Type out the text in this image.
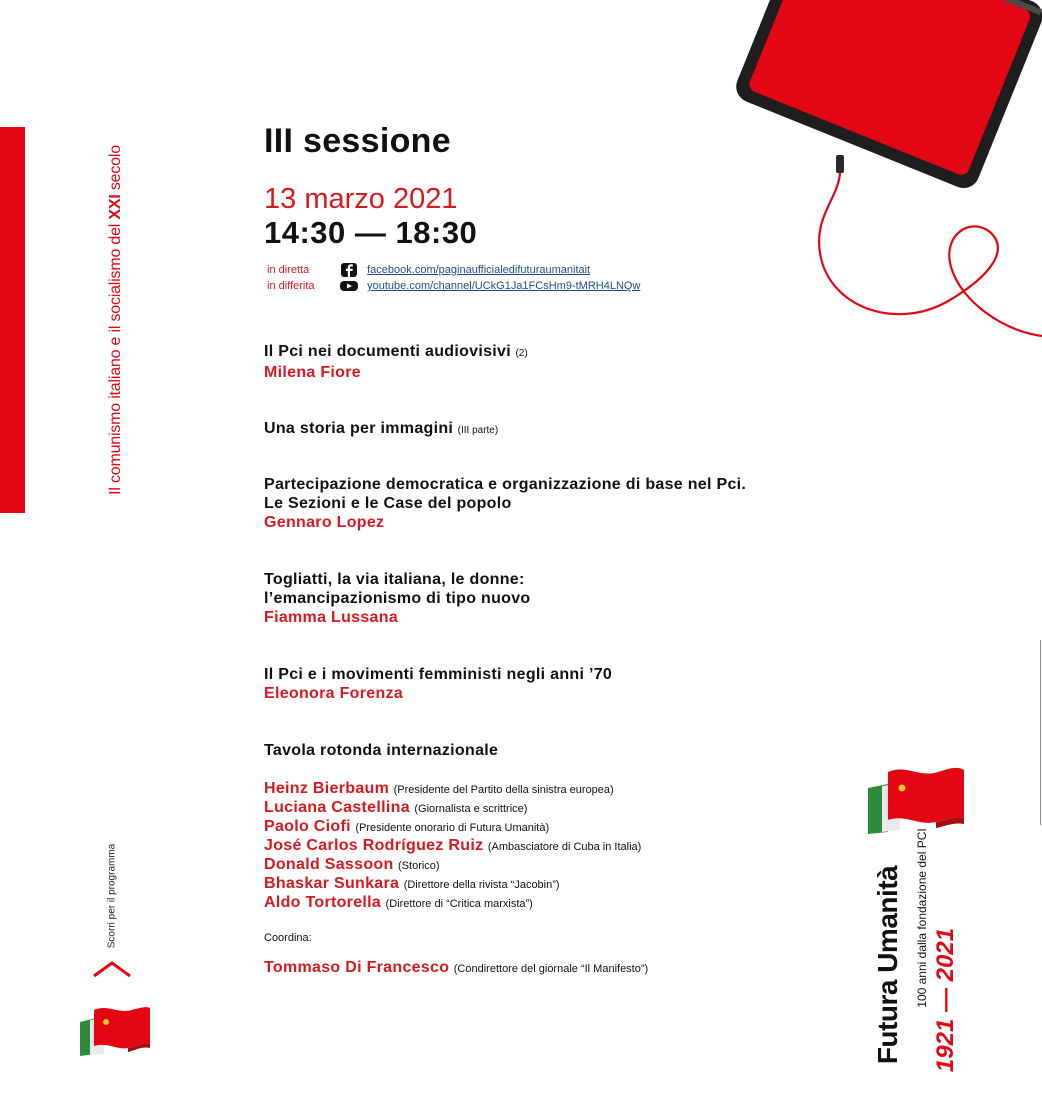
Il comunismo italiano e il socialismo del XXI secolo
Scorri per il programma
III sessione
13 marzo 2021
14:30 — 18:30
in diretta	facebook.com/paginaufficialedifuturaumanitait
in differita	youtube.com/channel/UCkG1Ja1FCsHm9-tMRH4LNQw
Il Pci nei documenti audiovisivi (2)
Milena Fiore
Una storia per immagini (III parte)
Partecipazione democratica e organizzazione di base nel Pci.
Le Sezioni e le Case del popolo
Gennaro Lopez
Togliatti, la via italiana, le donne:
l’emancipazionismo di tipo nuovo
Fiamma Lussana
Il Pci e i movimenti femministi negli anni ’70
Eleonora Forenza
Tavola rotonda internazionale
Heinz Bierbaum (Presidente del Partito della sinistra europea)
Luciana Castellina (Giornalista e scrittrice)
Paolo Ciofi (Presidente onorario di Futura Umanità)
José Carlos Rodríguez Ruiz (Ambasciatore di Cuba in Italia)
Donald Sassoon (Storico)
Bhaskar Sunkara (Direttore della rivista “Jacobin”)
Aldo Tortorella (Direttore di “Critica marxista”)
Coordina:
Tommaso Di Francesco (Condirettore del giornale “Il Manifesto”)	Futura Umanità 100 anni dalla fondazione del PCI 1921 — 2021
